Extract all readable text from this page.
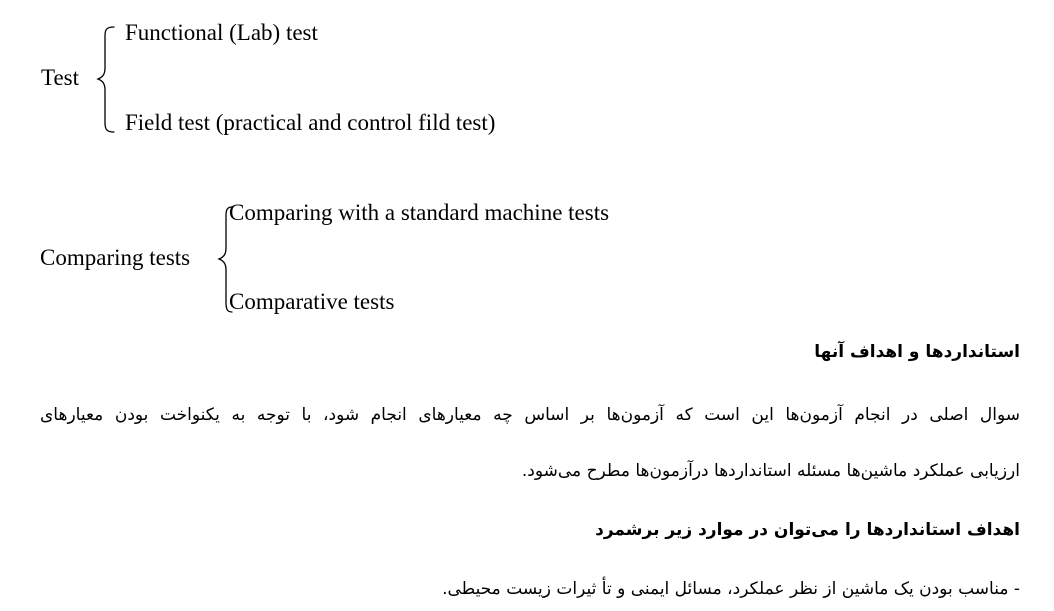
Test
Functional (Lab) test
Field test (practical and control fild test)
Comparing tests
Comparing with a standard machine tests
Comparative tests
استانداردها و اهداف آنها
سوال اصلی در انجام آزمون‌ها این است که آزمون‌ها بر اساس چه معیارهای انجام شود، با توجه به یکنواخت بودن معیارهای
ارزیابی عملکرد ماشین‌ها مسئله استانداردها درآزمون‌ها مطرح می‌شود.
اهداف استانداردها را می‌توان در موارد زیر برشمرد
- مناسب بودن یک ماشین از نظر عملکرد، مسائل ایمنی و تأ ثیرات زیست محیطی.
